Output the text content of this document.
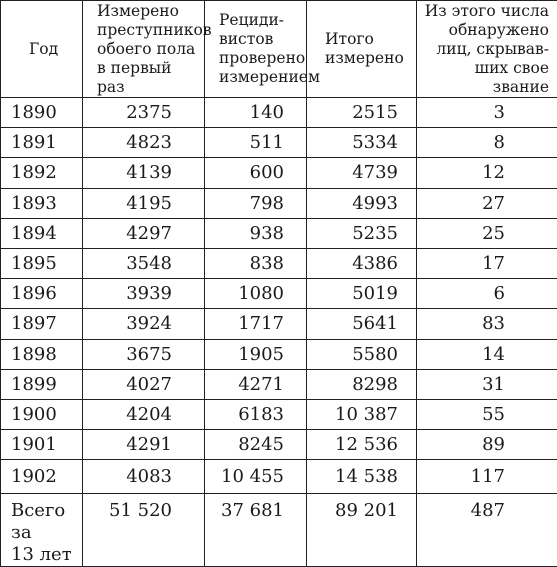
Год	Измерено преступников обоего пола в первый раз	Рецидивистов проверено измерением	Итого измерено	Из этого числа обнаружено лиц, скрывавших свое звание
1890	2375	140	2515	3
1891	4823	511	5334	8
1892	4139	600	4739	12
1893	4195	798	4993	27
1894	4297	938	5235	25
1895	3548	838	4386	17
1896	3939	1080	5019	6
1897	3924	1717	5641	83
1898	3675	1905	5580	14
1899	4027	4271	8298	31
1900	4204	6183	10 387	55
1901	4291	8245	12 536	89
1902	4083	10 455	14 538	117

Всего за
13 лет	51 520	37 681	89 201	487
